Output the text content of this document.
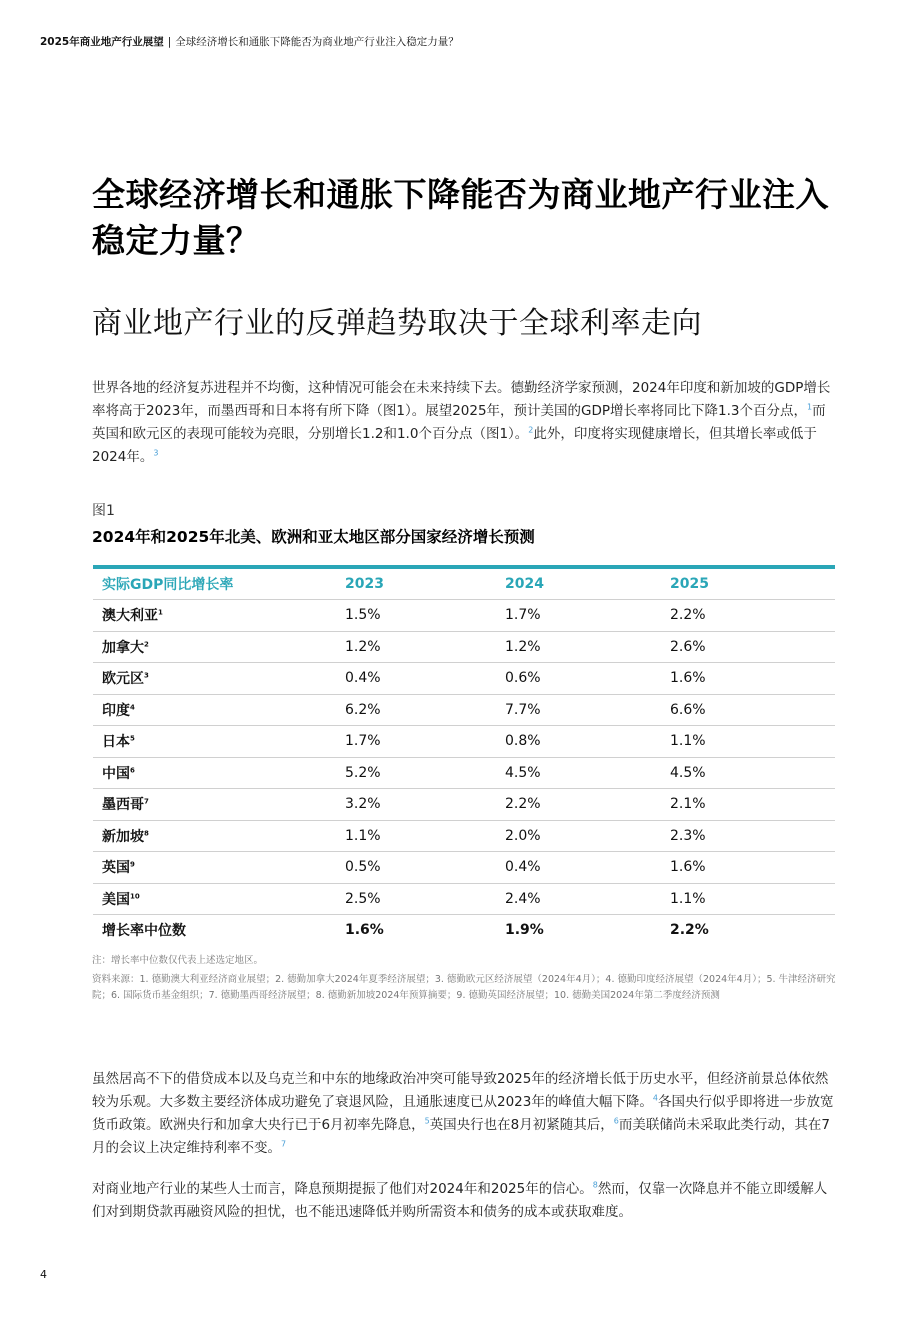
2025年商业地产行业展望 | 全球经济增长和通胀下降能否为商业地产行业注入稳定力量？
全球经济增长和通胀下降能否为商业地产行业注入稳定力量？
商业地产行业的反弹趋势取决于全球利率走向
世界各地的经济复苏进程并不均衡，这种情况可能会在未来持续下去。德勤经济学家预测，2024年印度和新加坡的GDP增长率将高于2023年，而墨西哥和日本将有所下降（图1）。展望2025年，预计美国的GDP增长率将同比下降1.3个百分点，$^1$而英国和欧元区的表现可能较为亮眼，分别增长1.2和1.0个百分点（图1）。$^2$此外，印度将实现健康增长，但其增长率或低于2024年。$^3$
图1
2024年和2025年北美、欧洲和亚太地区部分国家经济增长预测
实际GDP同比增长率	2023	2024	2025
澳大利亚$^1$	1.5%	1.7%	2.2%
加拿大$^2$	1.2%	1.2%	2.6%
欧元区$^3$	0.4%	0.6%	1.6%
印度$^4$	6.2%	7.7%	6.6%
日本$^5$	1.7%	0.8%	1.1%
中国$^6$	5.2%	4.5%	4.5%
墨西哥$^7$	3.2%	2.2%	2.1%
新加坡$^8$	1.1%	2.0%	2.3%
英国$^9$	0.5%	0.4%	1.6%
美国$^{10}$	2.5%	2.4%	1.1%
增长率中位数	1.6%	1.9%	2.2%
注：增长率中位数仅代表上述选定地区。
资料来源：1. 德勤澳大利亚经济商业展望；2. 德勤加拿大2024年夏季经济展望；3. 德勤欧元区经济展望（2024年4月）；4. 德勤印度经济展望（2024年4月）；5. 牛津经济研究院；6. 国际货币基金组织；7. 德勤墨西哥经济展望；8. 德勤新加坡2024年预算摘要；9. 德勤英国经济展望；10. 德勤美国2024年第二季度经济预测
虽然居高不下的借贷成本以及乌克兰和中东的地缘政治冲突可能导致2025年的经济增长低于历史水平，但经济前景总体依然较为乐观。大多数主要经济体成功避免了衰退风险，且通胀速度已从2023年的峰值大幅下降。$^4$各国央行似乎即将进一步放宽货币政策。欧洲央行和加拿大央行已于6月初率先降息，$^5$英国央行也在8月初紧随其后，$^6$而美联储尚未采取此类行动，其在7月的会议上决定维持利率不变。$^7$
对商业地产行业的某些人士而言，降息预期提振了他们对2024年和2025年的信心。$^8$然而，仅靠一次降息并不能立即缓解人们对到期贷款再融资风险的担忧，也不能迅速降低并购所需资本和债务的成本或获取难度。
4
